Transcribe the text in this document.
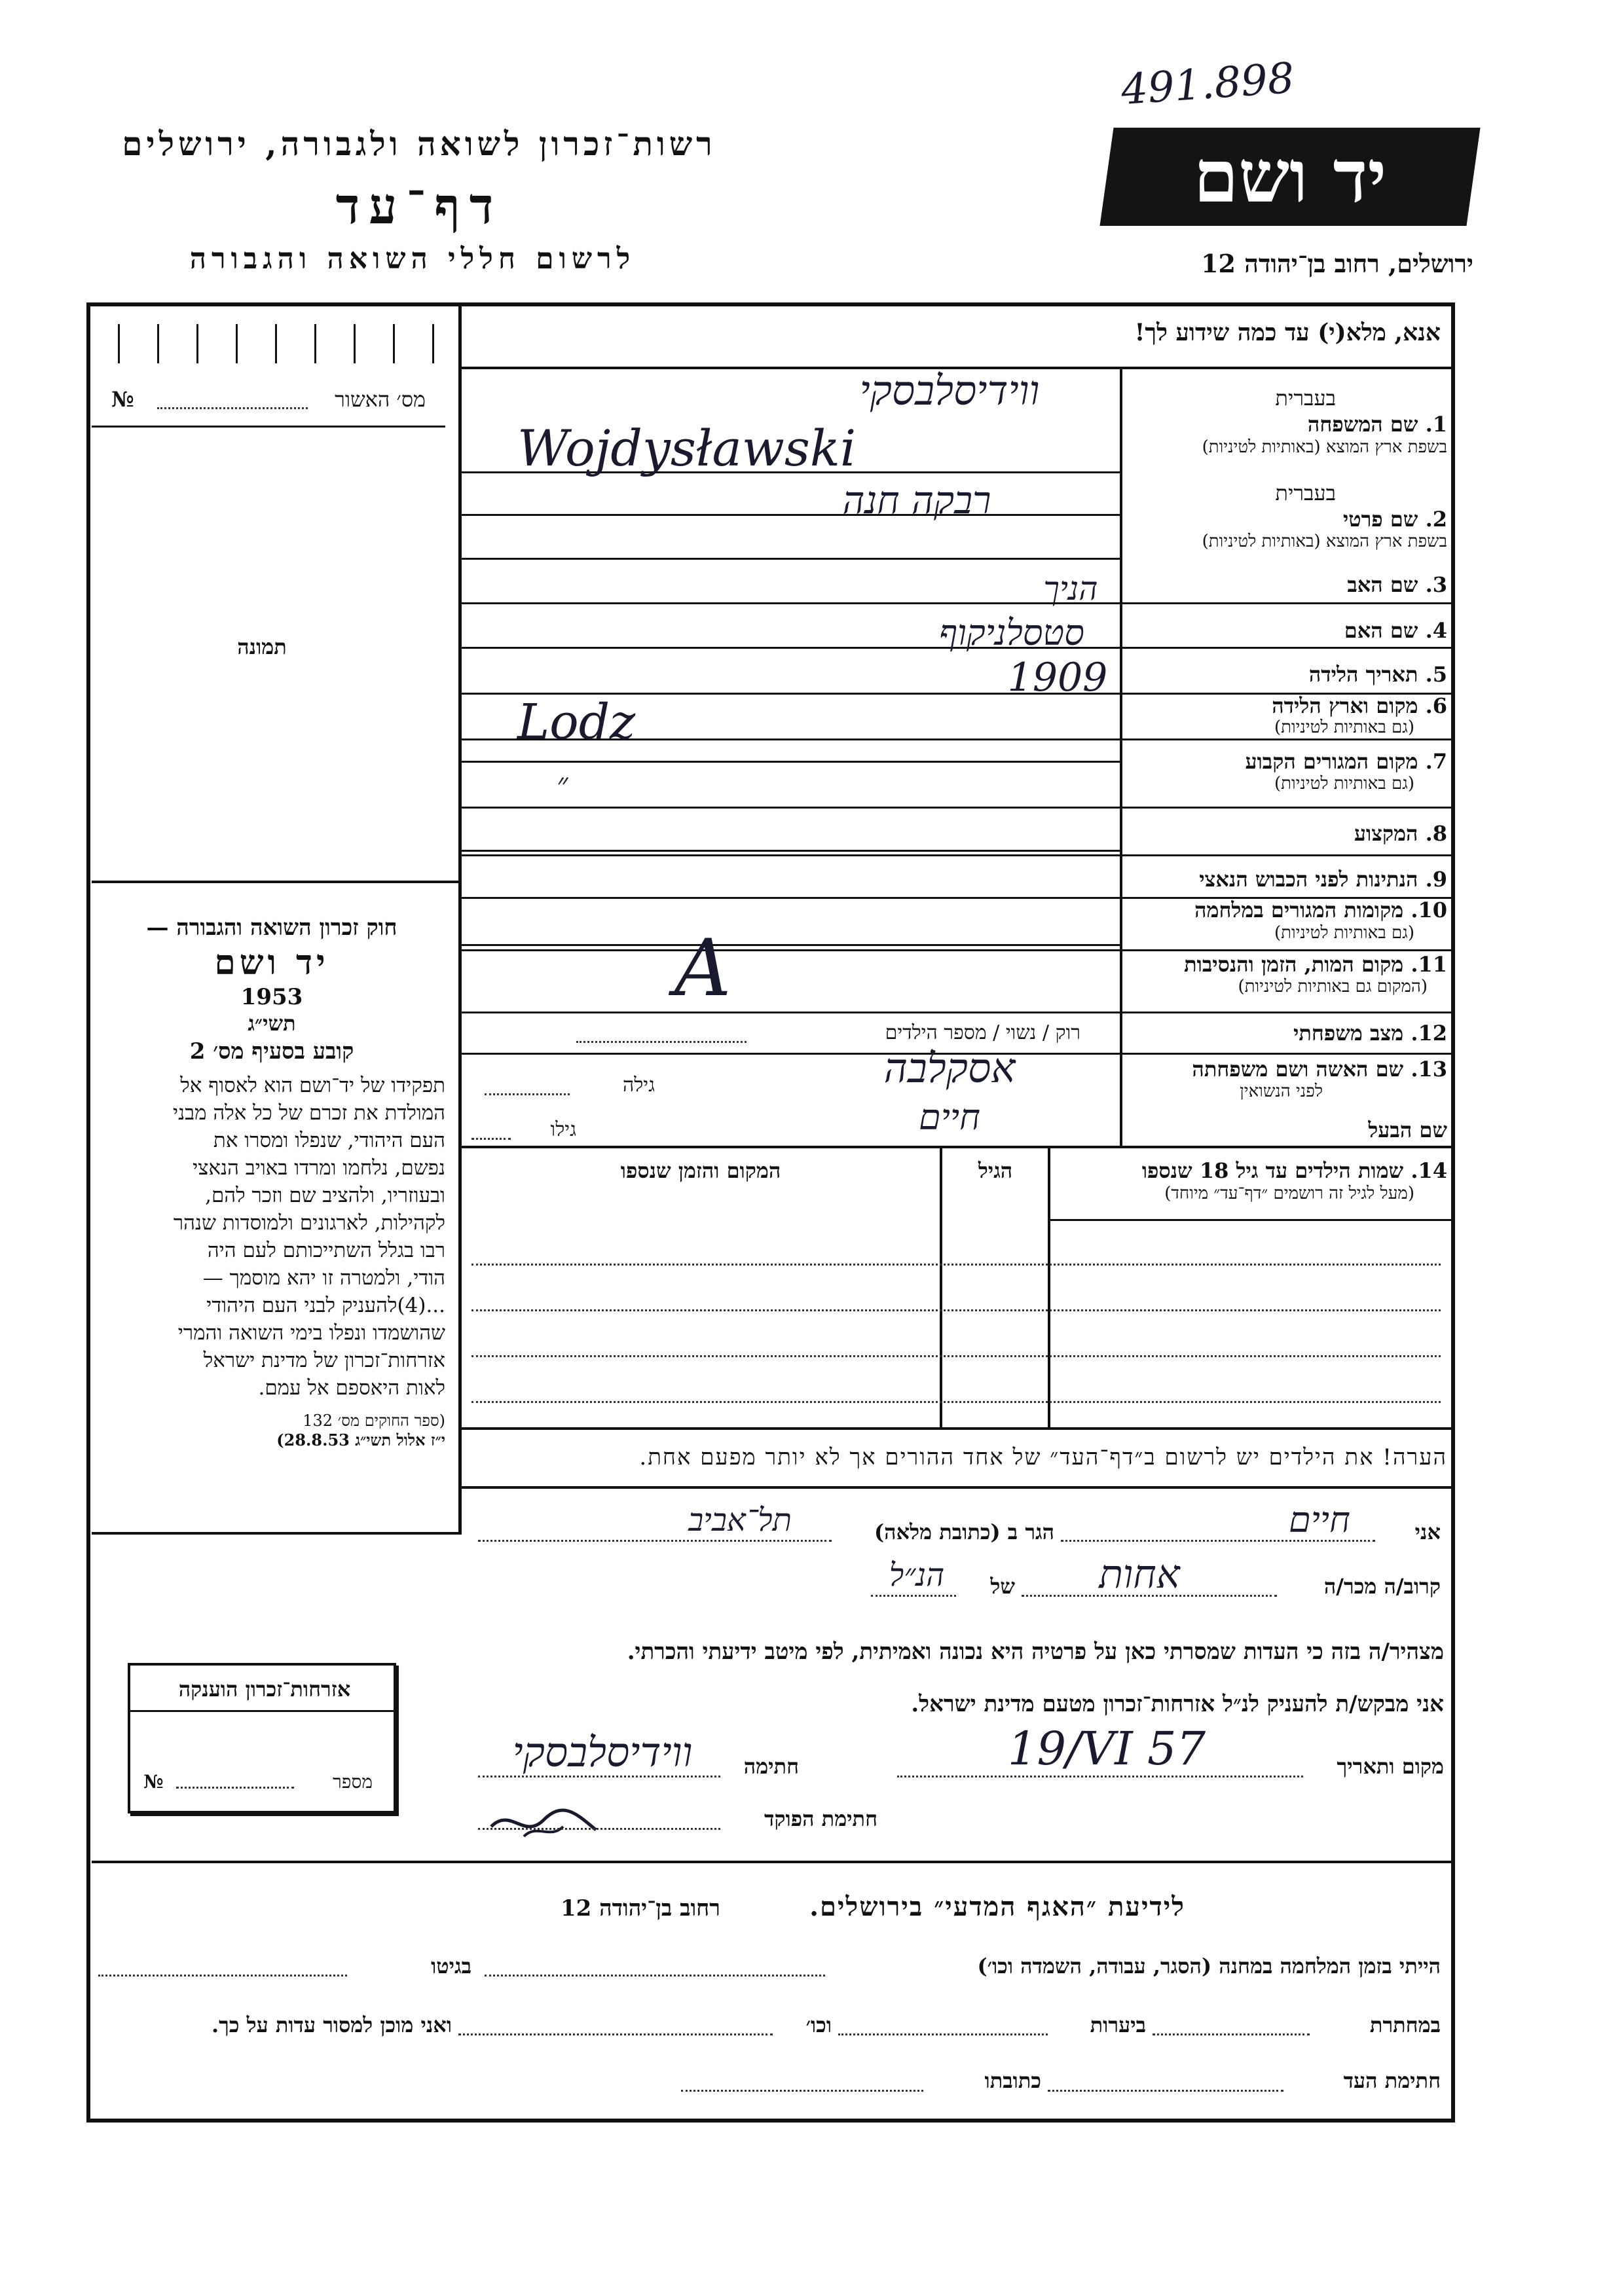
491.898
רשות־זכרון לשואה ולגבורה, ירושלים
דף־עד
לרשום חללי השואה והגבורה
יד ושם
ירושלים, רחוב בן־יהודה 12
אנא, מלא(י) עד כמה שידוע לך!
מס׳ האשור
№
תמונה
בעברית
1. שם המשפחה
בשפת ארץ המוצא (באותיות לטיניות)
ווידיסלבסקי
Wojdysławski
בעברית
2. שם פרטי
בשפת ארץ המוצא (באותיות לטיניות)
רבקה חנה
3. שם האב
הניך
4. שם האם
סטסלניקוף
5. תאריך הלידה
1909
6. מקום וארץ הלידה
(גם באותיות לטיניות)
Lodz
7. מקום המגורים הקבוע
(גם באותיות לטיניות)
״
8. המקצוע
9. הנתינות לפני הכבוש הנאצי
10. מקומות המגורים במלחמה
(גם באותיות לטיניות)
11. מקום המות, הזמן והנסיבות
(המקום גם באותיות לטיניות)
A
12. מצב משפחתי
רוק / נשוי / מספר הילדים
13. שם האשה ושם משפחתה
לפני הנשואין
אסקלבה
גילה
שם הבעל
חיים
גילו
14. שמות הילדים עד גיל 18 שנספו
(מעל לגיל זה רושמים ״דף־עד״ מיוחד)
הגיל
המקום והזמן שנספו
הערה! את הילדים יש לרשום ב״דף־העד״ של אחד ההורים אך לא יותר מפעם אחת.
חוק זכרון השואה והגבורה —
יד ושם
1953
תשי״ג
קובע בסעיף מס׳ 2
תפקידו של יד־ושם הוא לאסוף אל
המולדת את זכרם של כל אלה מבני
העם היהודי, שנפלו ומסרו את
נפשם, נלחמו ומרדו באויב הנאצי
ובעוזריו, ולהציב שם וזכר להם,
לקהילות, לארגונים ולמוסדות שנהר
רבו בגלל השתייכותם לעם היה
הודי, ולמטרה זו יהא מוסמך —
...(4)להעניק לבני העם היהודי
שהושמדו ונפלו בימי השואה והמרי
אזרחות־זכרון של מדינת ישראל
לאות היאספם אל עמם.
(ספר החוקים מס׳ 132
י״ז אלול תשי״ג 28.8.53)
אזרחות־זכרון הוענקה
מספר
№
אני
חיים
הגר ב (כתובת מלאה)
תל־אביב
קרוב/ה מכר/ה
אחות
של
הנ״ל
מצהיר/ה בזה כי העדות שמסרתי כאן על פרטיה היא נכונה ואמיתית, לפי מיטב ידיעתי והכרתי.
אני מבקש/ת להעניק לנ״ל אזרחות־זכרון מטעם מדינת ישראל.
מקום ותאריך
19/VI 57
חתימה
ווידיסלבסקי
חתימת הפוקד
לידיעת ״האגף המדעי״ בירושלים.
רחוב בן־יהודה 12
הייתי בזמן המלחמה במחנה (הסגר, עבודה, השמדה וכו׳)
בגיטו
במחתרת
ביערות
וכו׳
ואני מוכן למסור עדות על כך.
חתימת העד
כתובתו
